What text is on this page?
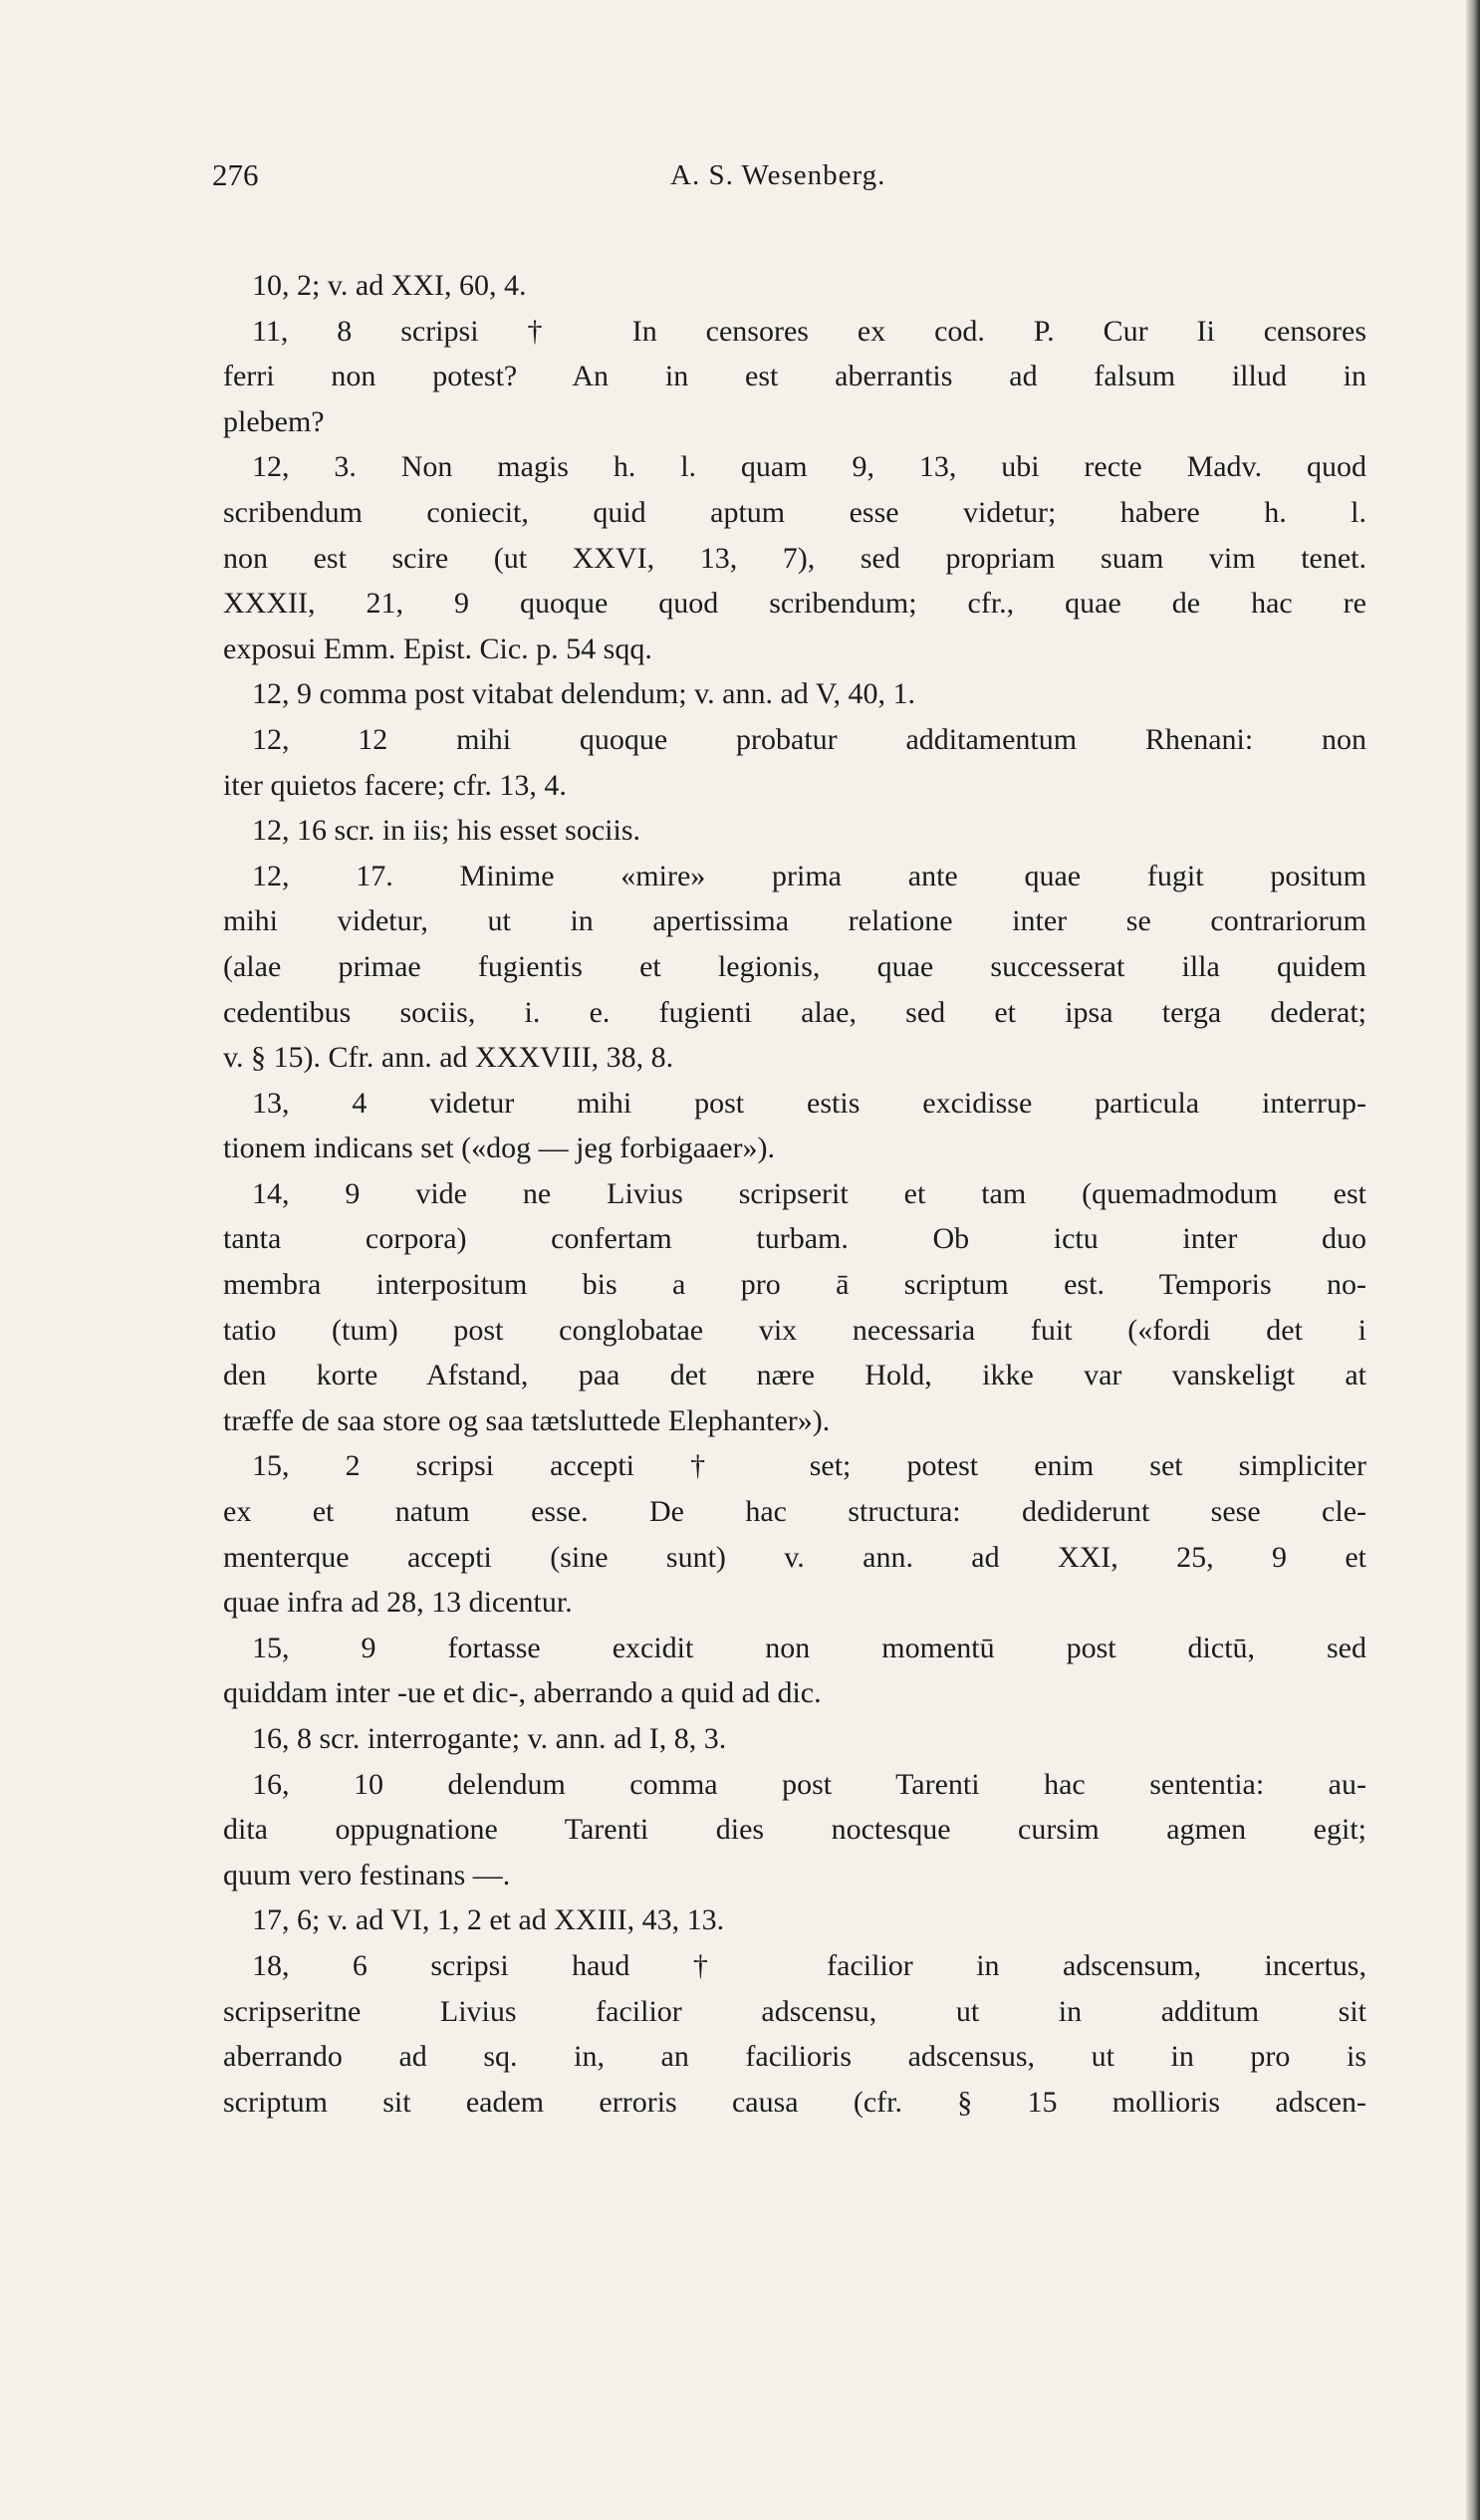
276	A. S. Wesenberg.
10, 2; v. ad XXI, 60, 4.
11, 8 scripsi † In censores ex cod. P. Cur Ii censores
ferri non potest? An in est aberrantis ad falsum illud in
plebem?
12, 3. Non magis h. l. quam 9, 13, ubi recte Madv. quod
scribendum coniecit, quid aptum esse videtur; habere h. l.
non est scire (ut XXVI, 13, 7), sed propriam suam vim tenet.
XXXII, 21, 9 quoque quod scribendum; cfr., quae de hac re
exposui Emm. Epist. Cic. p. 54 sqq.
12, 9 comma post vitabat delendum; v. ann. ad V, 40, 1.
12, 12 mihi quoque probatur additamentum Rhenani: non
iter quietos facere; cfr. 13, 4.
12, 16 scr. in iis; his esset sociis.
12, 17. Minime «mire» prima ante quae fugit positum
mihi videtur, ut in apertissima relatione inter se contrariorum
(alae primae fugientis et legionis, quae successerat illa quidem
cedentibus sociis, i. e. fugienti alae, sed et ipsa terga dederat;
v. § 15). Cfr. ann. ad XXXVIII, 38, 8.
13, 4 videtur mihi post estis excidisse particula interrup-
tionem indicans set («dog — jeg forbigaaer»).
14, 9 vide ne Livius scripserit et tam (quemadmodum est
tanta corpora) confertam turbam. Ob ictu inter duo
membra interpositum bis a pro ā scriptum est. Temporis no-
tatio (tum) post conglobatae vix necessaria fuit («fordi det i
den korte Afstand, paa det nære Hold, ikke var vanskeligt at
træffe de saa store og saa tætsluttede Elephanter»).
15, 2 scripsi accepti † set; potest enim set simpliciter
ex et natum esse. De hac structura: dediderunt sese cle-
menterque accepti (sine sunt) v. ann. ad XXI, 25, 9 et
quae infra ad 28, 13 dicentur.
15, 9 fortasse excidit non momentū post dictū, sed
quiddam inter -ue et dic-, aberrando a quid ad dic.
16, 8 scr. interrogante; v. ann. ad I, 8, 3.
16, 10 delendum comma post Tarenti hac sententia: au-
dita oppugnatione Tarenti dies noctesque cursim agmen egit;
quum vero festinans —.
17, 6; v. ad VI, 1, 2 et ad XXIII, 43, 13.
18, 6 scripsi haud † facilior in adscensum, incertus,
scripseritne Livius facilior adscensu, ut in additum sit
aberrando ad sq. in, an facilioris adscensus, ut in pro is
scriptum sit eadem erroris causa (cfr. § 15 mollioris adscen-
